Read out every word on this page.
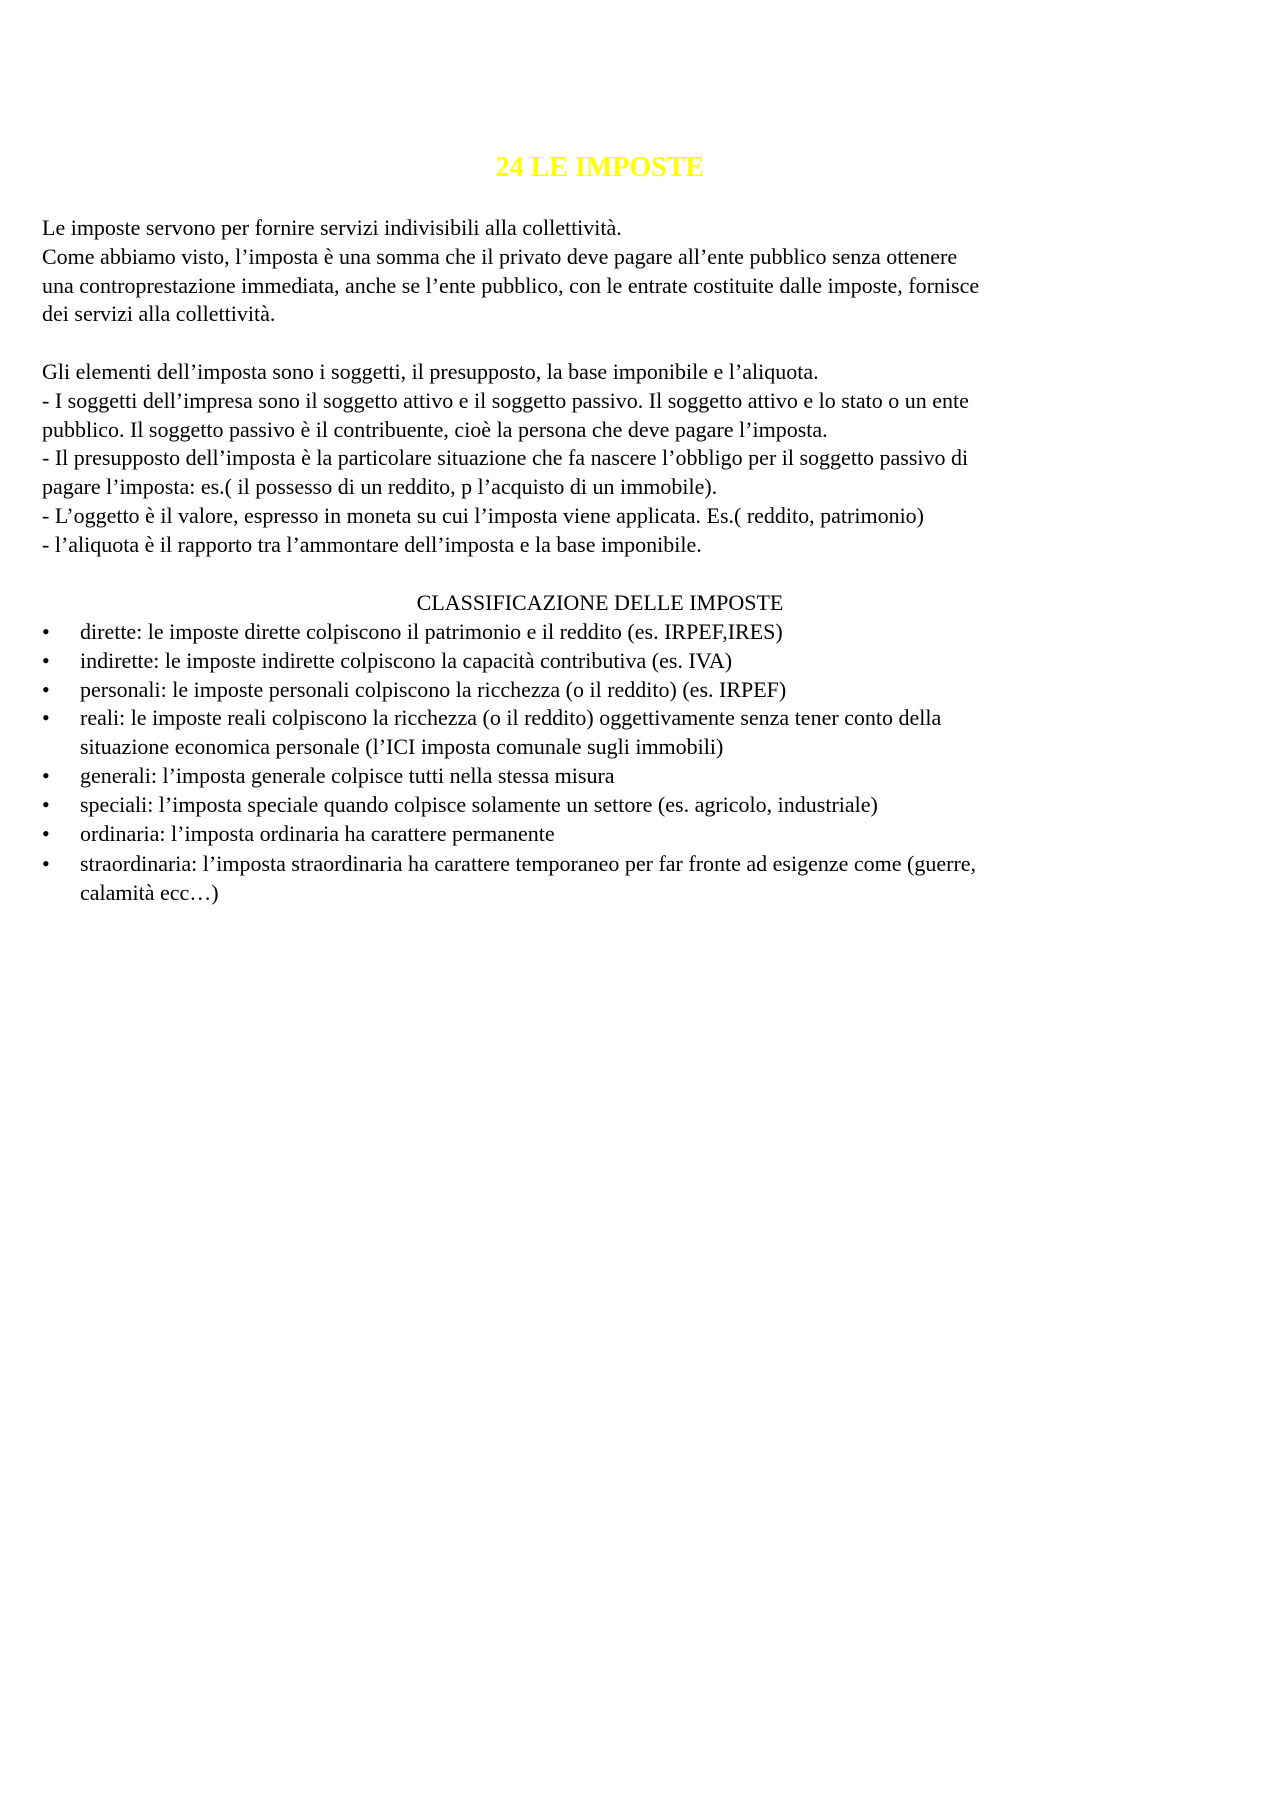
24 LE IMPOSTE
Le imposte servono per fornire servizi indivisibili alla collettività.
Come abbiamo visto, l’imposta è una somma che il privato deve pagare all’ente pubblico senza ottenere
una controprestazione immediata, anche se l’ente pubblico, con le entrate costituite dalle imposte, fornisce
dei servizi alla collettività.
Gli elementi dell’imposta sono i soggetti, il presupposto, la base imponibile e l’aliquota.
- I soggetti dell’impresa sono il soggetto attivo e il soggetto passivo. Il soggetto attivo e lo stato o un ente
pubblico. Il soggetto passivo è il contribuente, cioè la persona che deve pagare l’imposta.
- Il presupposto dell’imposta è la particolare situazione che fa nascere l’obbligo per il soggetto passivo di
pagare l’imposta: es.( il possesso di un reddito, p l’acquisto di un immobile).
- L’oggetto è il valore, espresso in moneta su cui l’imposta viene applicata. Es.( reddito, patrimonio)
- l’aliquota è il rapporto tra l’ammontare dell’imposta e la base imponibile.
CLASSIFICAZIONE DELLE IMPOSTE
• dirette: le imposte dirette colpiscono il patrimonio e il reddito (es. IRPEF,IRES)
• indirette: le imposte indirette colpiscono la capacità contributiva (es. IVA)
• personali: le imposte personali colpiscono la ricchezza (o il reddito) (es. IRPEF)
• reali: le imposte reali colpiscono la ricchezza (o il reddito) oggettivamente senza tener conto della
situazione economica personale (l’ICI imposta comunale sugli immobili)
• generali: l’imposta generale colpisce tutti nella stessa misura
• speciali: l’imposta speciale quando colpisce solamente un settore (es. agricolo, industriale)
• ordinaria: l’imposta ordinaria ha carattere permanente
• straordinaria: l’imposta straordinaria ha carattere temporaneo per far fronte ad esigenze come (guerre,
calamità ecc…)
